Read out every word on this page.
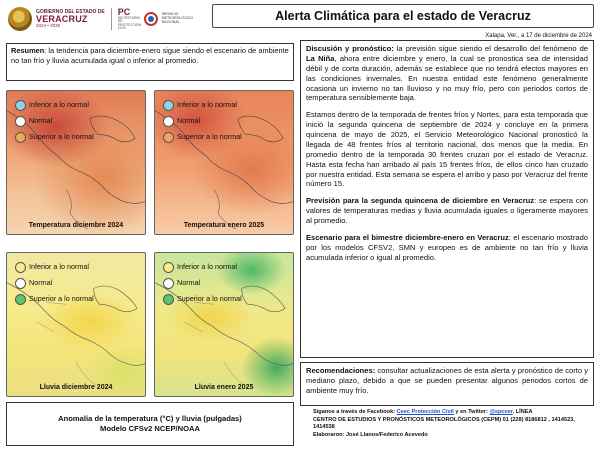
GOBIERNO DEL ESTADO DE
VERACRUZ
2024 • 2030
PC
SECRETARÍA DE PROTECCIÓN CIVIL
SERVICIO METEOROLÓGICO NACIONAL	Alerta Climática para el estado de Veracruz
Xalapa, Ver., a 17 de diciembre de 2024
Resumen: la tendencia para diciembre-enero sigue siendo el escenario de ambiente no tan frío y lluvia acumulada igual o inferior al promedio.
Inferior a lo normal
Normal
Superior a lo normal
Temperatura diciembre 2024
Inferior a lo normal
Normal
Superior a lo normal
Temperatura enero 2025
Inferior a lo normal
Normal
Superior a lo normal
Lluvia diciembre 2024
Inferior a lo normal
Normal
Superior a lo normal
Lluvia enero 2025
Anomalía de la temperatura (°C) y lluvia (pulgadas)
Modelo CFSv2 NCEP/NOAA

Discusión y pronóstico: la previsión sigue siendo el desarrollo del fenómeno de La Niña, ahora entre diciembre y enero, la cual se pronostica sea de intensidad débil y de corta duración, además se establece que no tendrá efectos mayores en las condiciones invernales. En nuestra entidad este fenómeno generalmente ocasiona un invierno no tan lluvioso y no muy frío, pero con periodos cortos de temperatura sensiblemente baja.

Estamos dentro de la temporada de frentes fríos y Nortes, para esta temporada que inició la segunda quincena de septiembre de 2024 y concluye en la primera quincena de mayo de 2025, el Servicio Meteorológico Nacional pronosticó la llegada de 48 frentes fríos al territorio nacional, dos menos que la media. En promedio dentro de la temporada 30 frentes cruzan por el estado de Veracruz. Hasta esta fecha han arribado al país 15 frentes fríos, de ellos cinco han cruzado por nuestra entidad. Esta semana se espera el arribo y paso por Veracruz del frente número 15.

Previsión para la segunda quincena de diciembre en Veracruz: se espera con valores de temperaturas medias y lluvia acumulada iguales o ligeramente mayores al promedio.

Escenario para el bimestre diciembre-enero en Veracruz: el escenario mostrado por los modelos CFSV2, SMN y europeo es de ambiente no tan frío y lluvia acumulada inferior o igual al promedio.

Recomendaciones: consultar actualizaciones de esta alerta y pronóstico de corto y mediano plazo, debido a que se pueden presentar algunos periodos cortos de ambiente muy frío.
Síganos a través de Facebook: Ceec Protección Civil y en Twitter: @spcver. LÍNEA
CENTRO DE ESTUDIOS Y PRONÓSTICOS METEOROLÓGICOS (CEPM) 01 (228) 8186812 , 1414523, 1414538
Elaboraron: José Llanos/Federico Acevedo
